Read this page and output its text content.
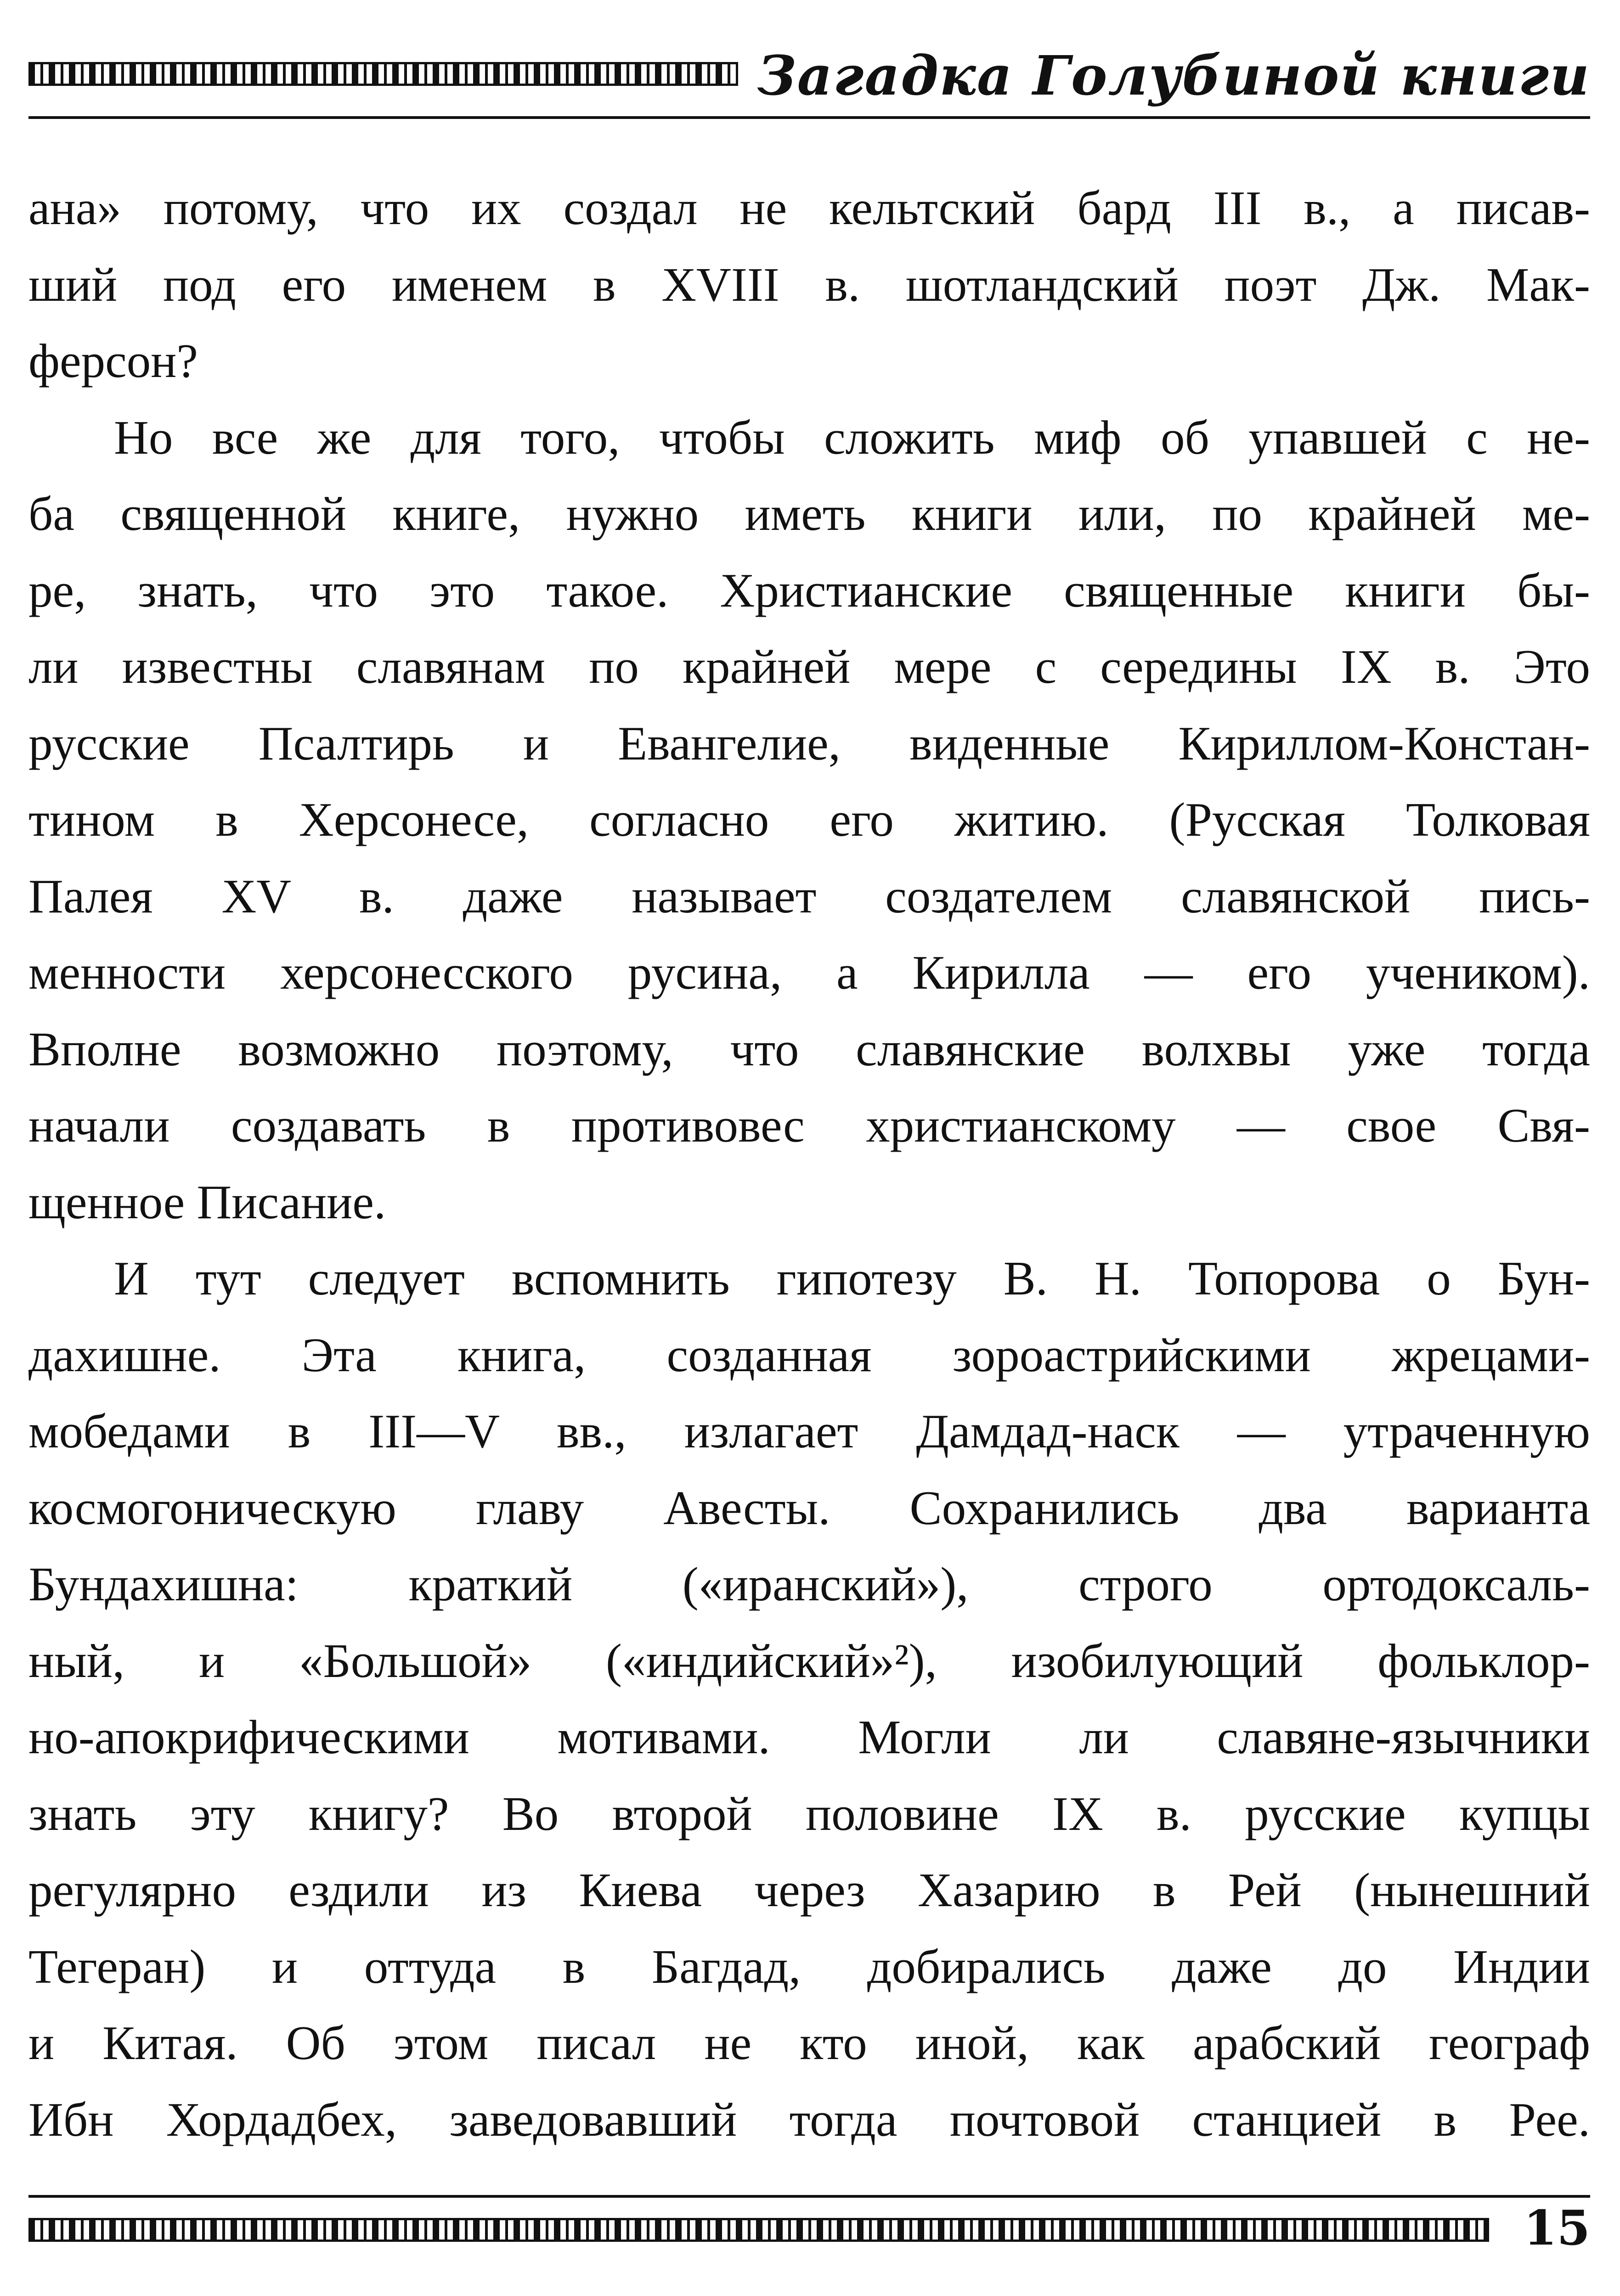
Загадка Голубиной книги
ана» потому, что их создал не кельтский бард III в., а писав-
ший под его именем в XVIII в. шотландский поэт Дж. Мак-
ферсон?
Но все же для того, чтобы сложить миф об упавшей с не-
ба священной книге, нужно иметь книги или, по крайней ме-
ре, знать, что это такое. Христианские священные книги бы-
ли известны славянам по крайней мере с середины IX в. Это
русские Псалтирь и Евангелие, виденные Кириллом-Констан-
тином в Херсонесе, согласно его житию. (Русская Толковая
Палея XV в. даже называет создателем славянской пись-
менности херсонесского русина, а Кирилла — его учеником).
Вполне возможно поэтому, что славянские волхвы уже тогда
начали создавать в противовес христианскому — свое Свя-
щенное Писание.
И тут следует вспомнить гипотезу В. Н. Топорова о Бун-
дахишне. Эта книга, созданная зороастрийскими жрецами-
мобедами в III—V вв., излагает Дамдад-наск — утраченную
космогоническую главу Авесты. Сохранились два варианта
Бундахишна: краткий («иранский»), строго ортодоксаль-
ный, и «Большой» («индийский»²), изобилующий фольклор-
но-апокрифическими мотивами. Могли ли славяне-язычники
знать эту книгу? Во второй половине IX в. русские купцы
регулярно ездили из Киева через Хазарию в Рей (нынешний
Тегеран) и оттуда в Багдад, добирались даже до Индии
и Китая. Об этом писал не кто иной, как арабский географ
Ибн Хордадбех, заведовавший тогда почтовой станцией в Рее.
15
